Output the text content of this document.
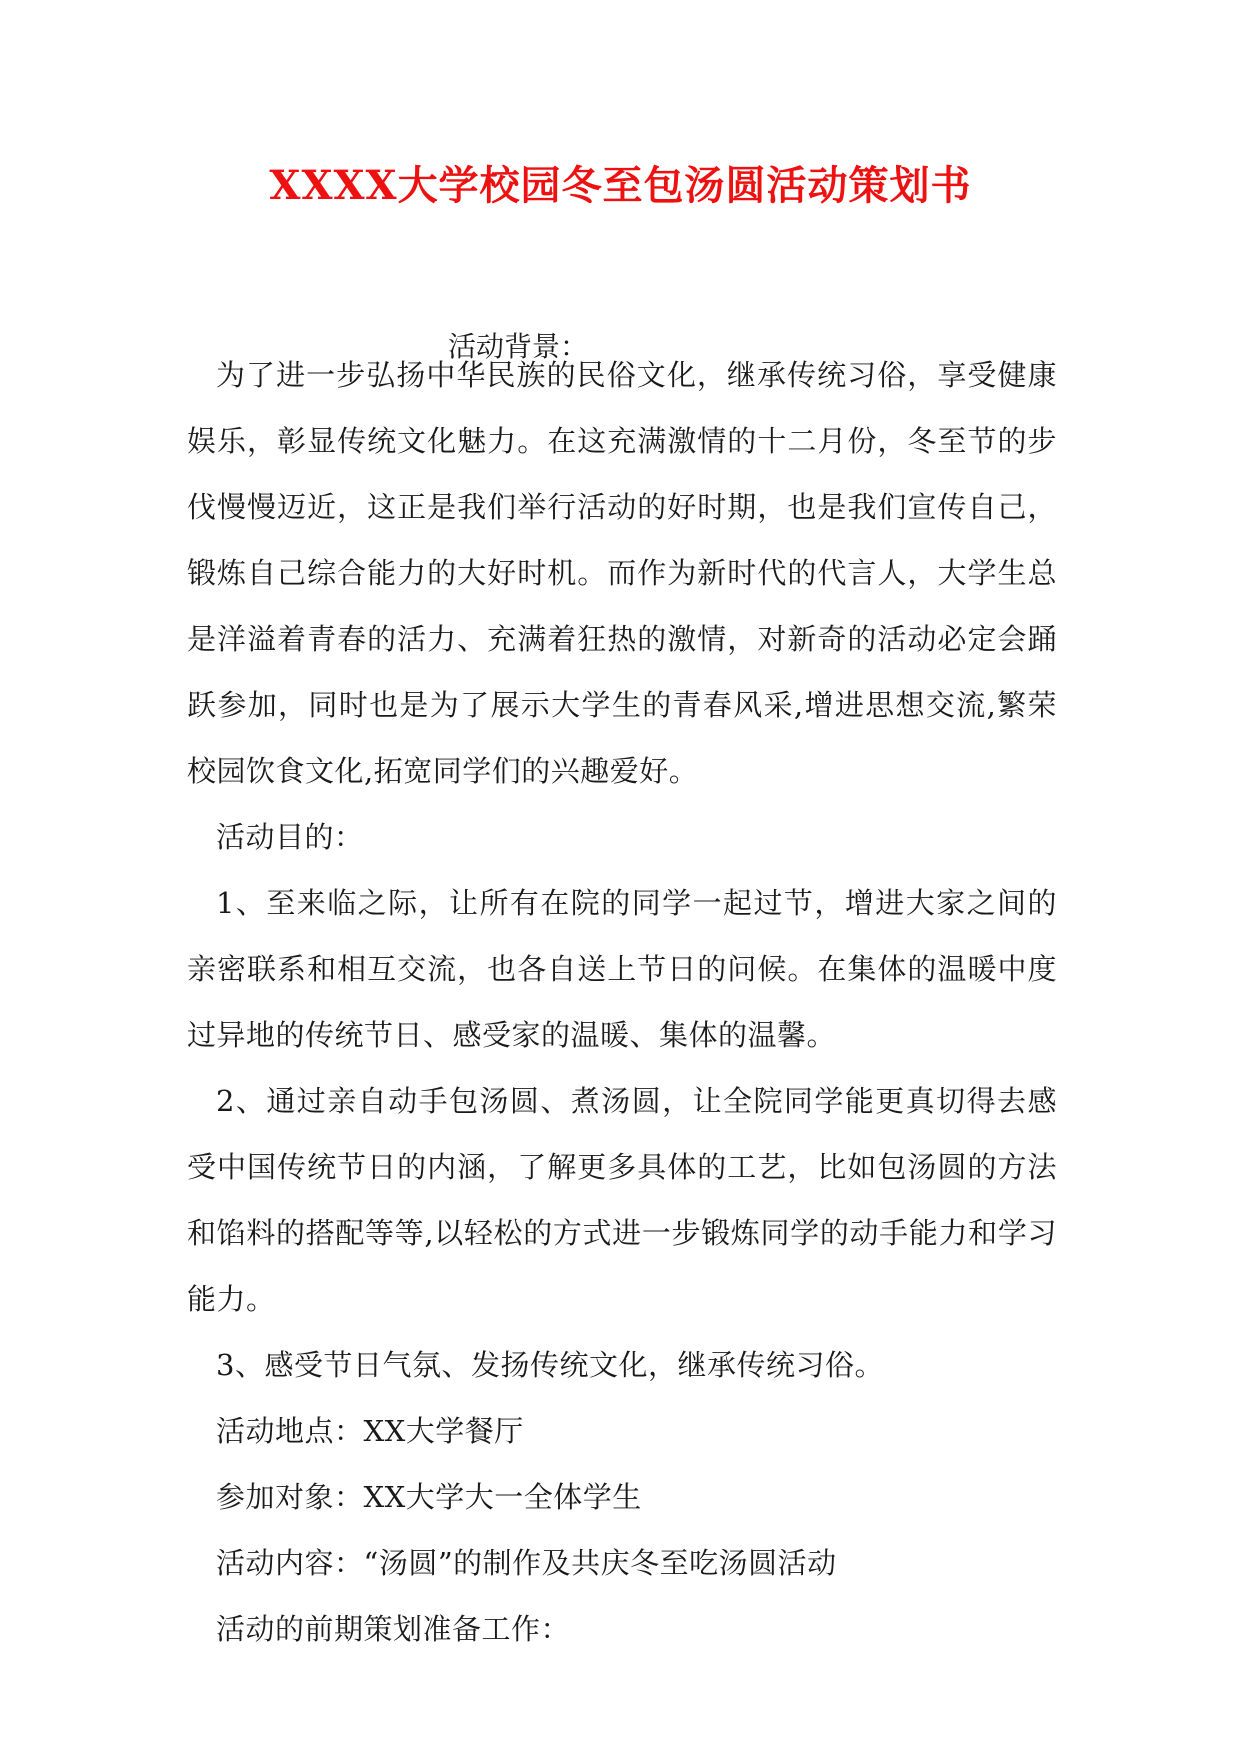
XXXX大学校园冬至包汤圆活动策划书
活动背景：

为了进一步弘扬中华民族的民俗文化，继承传统习俗，享受健康娱乐，彰显传统文化魅力。在这充满激情的十二月份，冬至节的步伐慢慢迈近，这正是我们举行活动的好时期，也是我们宣传自己，锻炼自己综合能力的大好时机。而作为新时代的代言人，大学生总是洋溢着青春的活力、充满着狂热的激情，对新奇的活动必定会踊跃参加，同时也是为了展示大学生的青春风采,增进思想交流,繁荣校园饮食文化,拓宽同学们的兴趣爱好。

活动目的：

1、至来临之际，让所有在院的同学一起过节，增进大家之间的亲密联系和相互交流，也各自送上节日的问候。在集体的温暖中度过异地的传统节日、感受家的温暖、集体的温馨。

2、通过亲自动手包汤圆、煮汤圆，让全院同学能更真切得去感受中国传统节日的内涵，了解更多具体的工艺，比如包汤圆的方法和馅料的搭配等等,以轻松的方式进一步锻炼同学的动手能力和学习能力。

3、感受节日气氛、发扬传统文化，继承传统习俗。

活动地点：XX大学餐厅

参加对象：XX大学大一全体学生

活动内容：“汤圆”的制作及共庆冬至吃汤圆活动

活动的前期策划准备工作：
